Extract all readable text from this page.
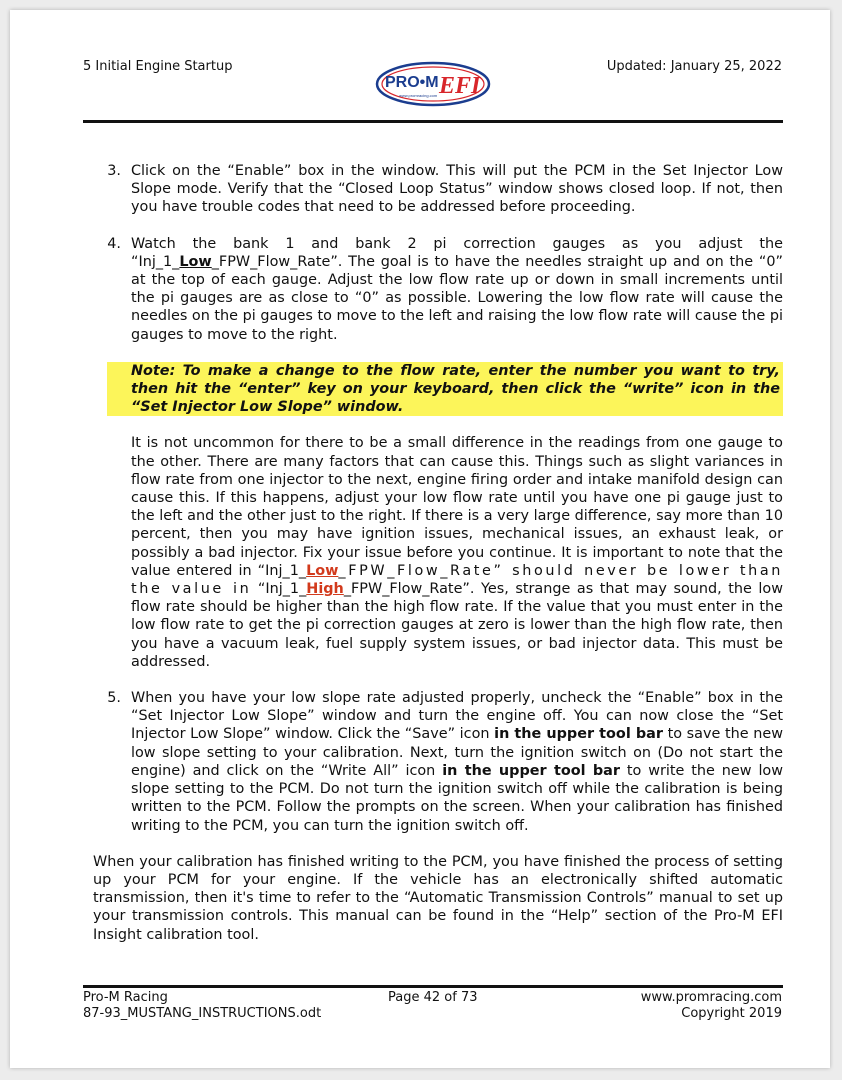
5 Initial Engine Startup
PRO•M EFI
www.promracing.com
Updated: January 25, 2022
3. Click on the “Enable” box in the window. This will put the PCM in the Set Injector Low Slope mode. Verify that the “Closed Loop Status” window shows closed loop. If not, then you have trouble codes that need to be addressed before proceeding.

4. Watch the bank 1 and bank 2 pi correction gauges as you adjust the “Inj_1_Low_FPW_Flow_Rate”. The goal is to have the needles straight up and on the “0” at the top of each gauge. Adjust the low flow rate up or down in small increments until the pi gauges are as close to “0” as possible. Lowering the low flow rate will cause the needles on the pi gauges to move to the left and raising the low flow rate will cause the pi gauges to move to the right.

Note: To make a change to the flow rate, enter the number you want to try, then hit the “enter” key on your keyboard, then click the “write” icon in the “Set Injector Low Slope” window.

It is not uncommon for there to be a small difference in the readings from one gauge to the other. There are many factors that can cause this. Things such as slight variances in flow rate from one injector to the next, engine firing order and intake manifold design can cause this. If this happens, adjust your low flow rate until you have one pi gauge just to the left and the other just to the right. If there is a very large difference, say more than 10 percent, then you may have ignition issues, mechanical issues, an exhaust leak, or possibly a bad injector. Fix your issue before you continue. It is important to note that the value entered in “Inj_1_Low_FPW_Flow_Rate” should never be lower than the value in “Inj_1_High_FPW_Flow_Rate”. Yes, strange as that may sound, the low flow rate should be higher than the high flow rate. If the value that you must enter in the low flow rate to get the pi correction gauges at zero is lower than the high flow rate, then you have a vacuum leak, fuel supply system issues, or bad injector data. This must be addressed.

5. When you have your low slope rate adjusted properly, uncheck the “Enable” box in the “Set Injector Low Slope” window and turn the engine off. You can now close the “Set Injector Low Slope” window. Click the “Save” icon in the upper tool bar to save the new low slope setting to your calibration. Next, turn the ignition switch on (Do not start the engine) and click on the “Write All” icon in the upper tool bar to write the new low slope setting to the PCM. Do not turn the ignition switch off while the calibration is being written to the PCM. Follow the prompts on the screen. When your calibration has finished writing to the PCM, you can turn the ignition switch off.

When your calibration has finished writing to the PCM, you have finished the process of setting up your PCM for your engine. If the vehicle has an electronically shifted automatic transmission, then it's time to refer to the “Automatic Transmission Controls” manual to set up your transmission controls. This manual can be found in the “Help” section of the Pro-M EFI Insight calibration tool.

Pro-M Racing
87-93_MUSTANG_INSTRUCTIONS.odt
Page 42 of 73	www.promracing.com
Copyright 2019
